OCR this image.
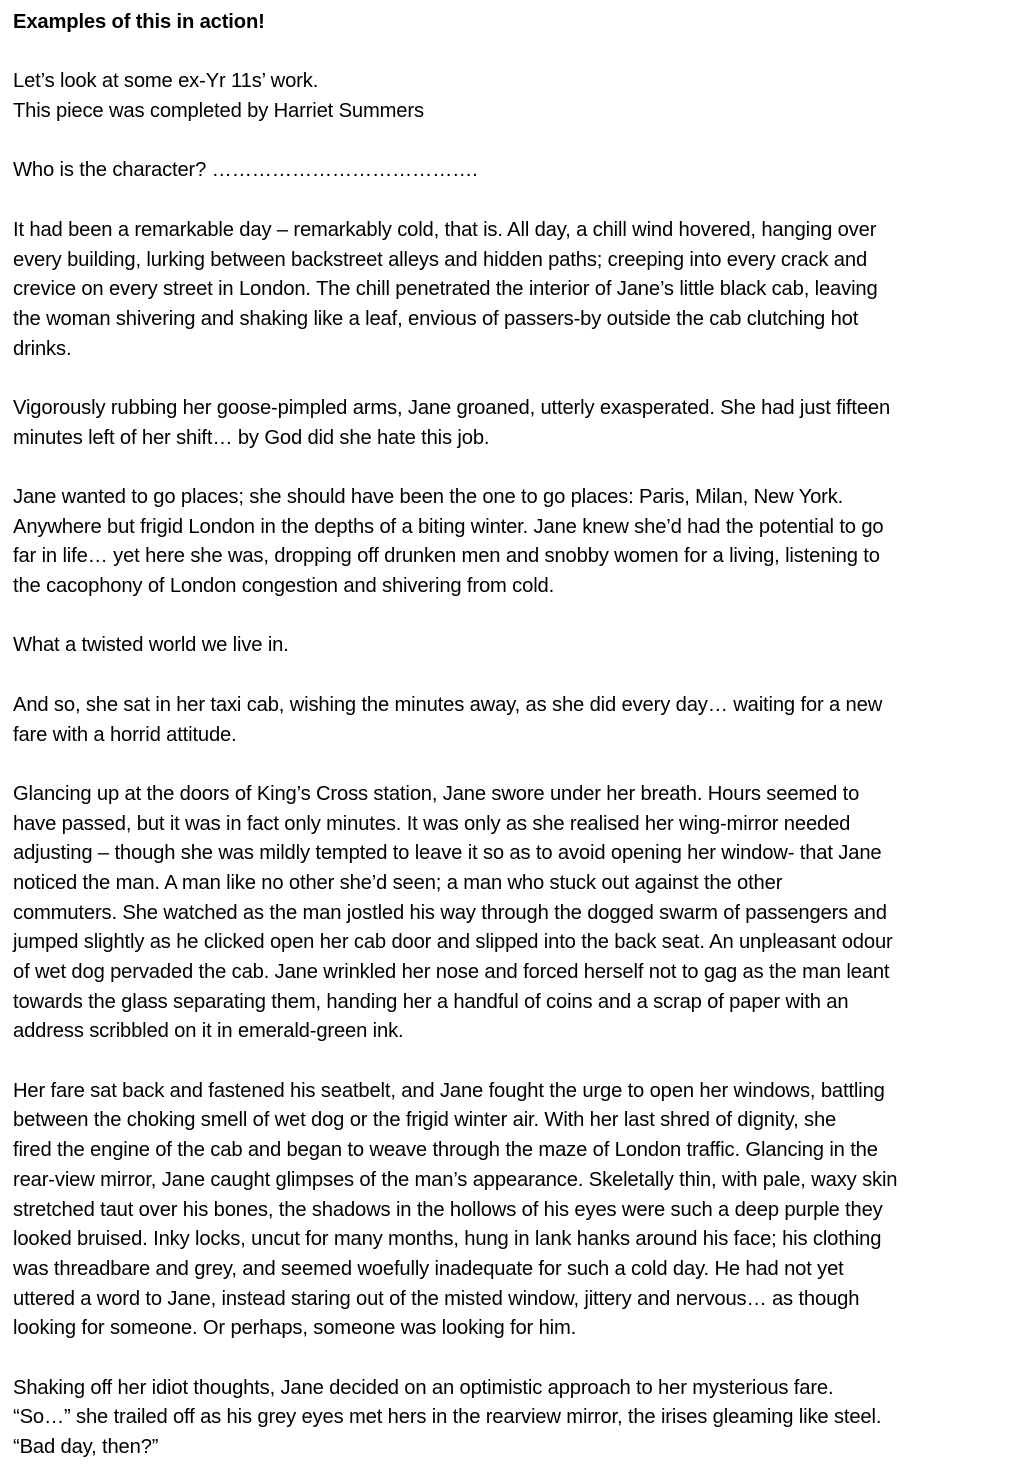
Examples of this in action!
Let’s look at some ex-Yr 11s’ work.
This piece was completed by Harriet Summers
Who is the character? ………………………………….
It had been a remarkable day – remarkably cold, that is. All day, a chill wind hovered, hanging over
every building, lurking between backstreet alleys and hidden paths; creeping into every crack and
crevice on every street in London. The chill penetrated the interior of Jane’s little black cab, leaving
the woman shivering and shaking like a leaf, envious of passers-by outside the cab clutching hot
drinks.
Vigorously rubbing her goose-pimpled arms, Jane groaned, utterly exasperated. She had just fifteen
minutes left of her shift… by God did she hate this job.
Jane wanted to go places; she should have been the one to go places: Paris, Milan, New York.
Anywhere but frigid London in the depths of a biting winter. Jane knew she’d had the potential to go
far in life… yet here she was, dropping off drunken men and snobby women for a living, listening to
the cacophony of London congestion and shivering from cold.
What a twisted world we live in.
And so, she sat in her taxi cab, wishing the minutes away, as she did every day… waiting for a new
fare with a horrid attitude.
Glancing up at the doors of King’s Cross station, Jane swore under her breath. Hours seemed to
have passed, but it was in fact only minutes. It was only as she realised her wing-mirror needed
adjusting – though she was mildly tempted to leave it so as to avoid opening her window- that Jane
noticed the man. A man like no other she’d seen; a man who stuck out against the other
commuters. She watched as the man jostled his way through the dogged swarm of passengers and
jumped slightly as he clicked open her cab door and slipped into the back seat. An unpleasant odour
of wet dog pervaded the cab. Jane wrinkled her nose and forced herself not to gag as the man leant
towards the glass separating them, handing her a handful of coins and a scrap of paper with an
address scribbled on it in emerald-green ink.
Her fare sat back and fastened his seatbelt, and Jane fought the urge to open her windows, battling
between the choking smell of wet dog or the frigid winter air. With her last shred of dignity, she
fired the engine of the cab and began to weave through the maze of London traffic. Glancing in the
rear-view mirror, Jane caught glimpses of the man’s appearance. Skeletally thin, with pale, waxy skin
stretched taut over his bones, the shadows in the hollows of his eyes were such a deep purple they
looked bruised. Inky locks, uncut for many months, hung in lank hanks around his face; his clothing
was threadbare and grey, and seemed woefully inadequate for such a cold day. He had not yet
uttered a word to Jane, instead staring out of the misted window, jittery and nervous… as though
looking for someone. Or perhaps, someone was looking for him.
Shaking off her idiot thoughts, Jane decided on an optimistic approach to her mysterious fare.
“So…” she trailed off as his grey eyes met hers in the rearview mirror, the irises gleaming like steel.
“Bad day, then?”
